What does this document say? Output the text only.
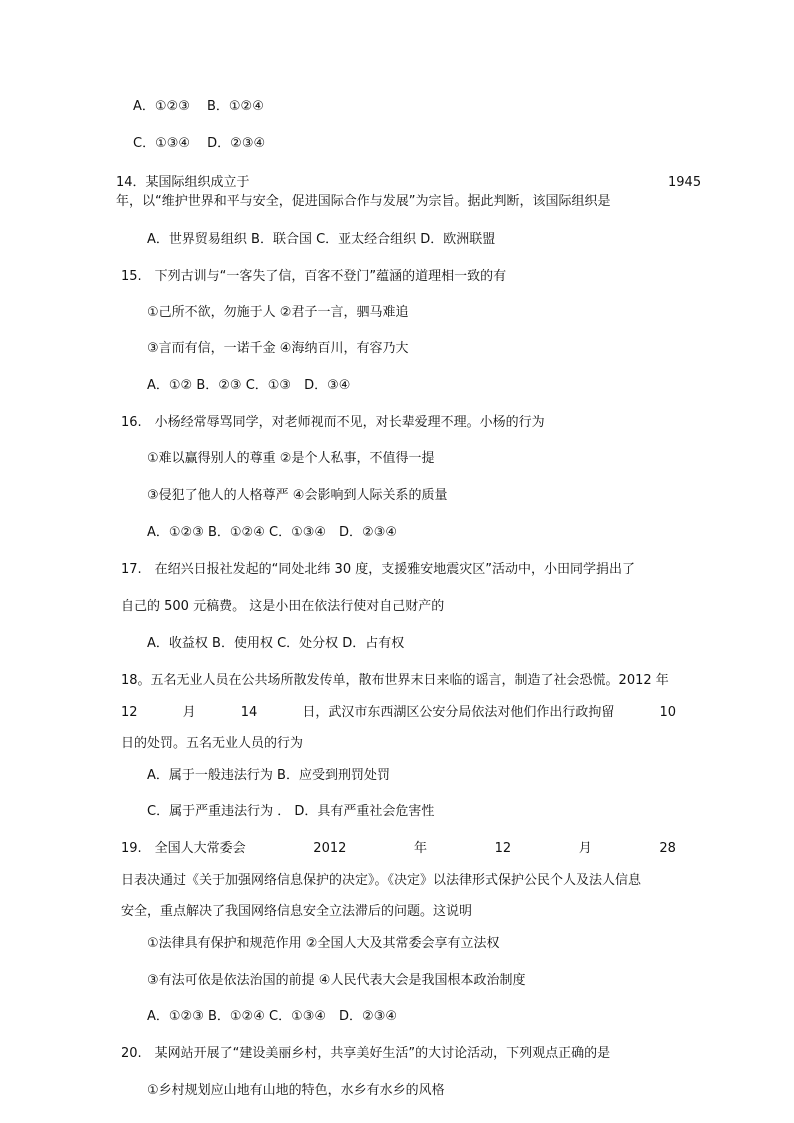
A．①②③　 B．①②④
C．①③④　 D．②③④
14．某国际组织成立于	1945
年，以“维护世界和平与安全，促进国际合作与发展”为宗旨。据此判断，该国际组织是
A．世界贸易组织 B．联合国 C．亚太经合组织 D．欧洲联盟
15.　下列古训与“一客失了信，百客不登门”蕴涵的道理相一致的有
①己所不欲，勿施于人 ②君子一言，驷马难追
③言而有信，一诺千金 ④海纳百川，有容乃大
A．①② B．②③ C．①③　D．③④
16.　小杨经常辱骂同学，对老师视而不见，对长辈爱理不理。小杨的行为
①难以赢得别人的尊重 ②是个人私事，不值得一提
③侵犯了他人的人格尊严 ④会影响到人际关系的质量
A．①②③ B．①②④ C．①③④　D．②③④
17.　在绍兴日报社发起的“同处北纬 30 度，支援雅安地震灾区”活动中，小田同学捐出了
自己的 500 元稿费。 这是小田在依法行使对自己财产的
A．收益权 B．使用权 C．处分权 D．占有权
18。五名无业人员在公共场所散发传单，散布世界末日来临的谣言，制造了社会恐慌。2012 年
12	月	14	日，武汉市东西湖区公安分局依法对他们作出行政拘留	10
日的处罚。五名无业人员的行为
A．属于一般违法行为 B．应受到刑罚处罚
C．属于严重违法行为 ． D．具有严重社会危害性
19.　全国人大常委会	2012	年	12	月	28
日表决通过《关于加强网络信息保护的决定》。《决定》以法律形式保护公民个人及法人信息
安全，重点解决了我国网络信息安全立法滞后的问题。这说明
①法律具有保护和规范作用 ②全国人大及其常委会享有立法权
③有法可依是依法治国的前提 ④人民代表大会是我国根本政治制度
A．①②③ B．①②④ C．①③④　D．②③④
20.　某网站开展了“建设美丽乡村，共享美好生活”的大讨论活动，下列观点正确的是
①乡村规划应山地有山地的特色，水乡有水乡的风格
